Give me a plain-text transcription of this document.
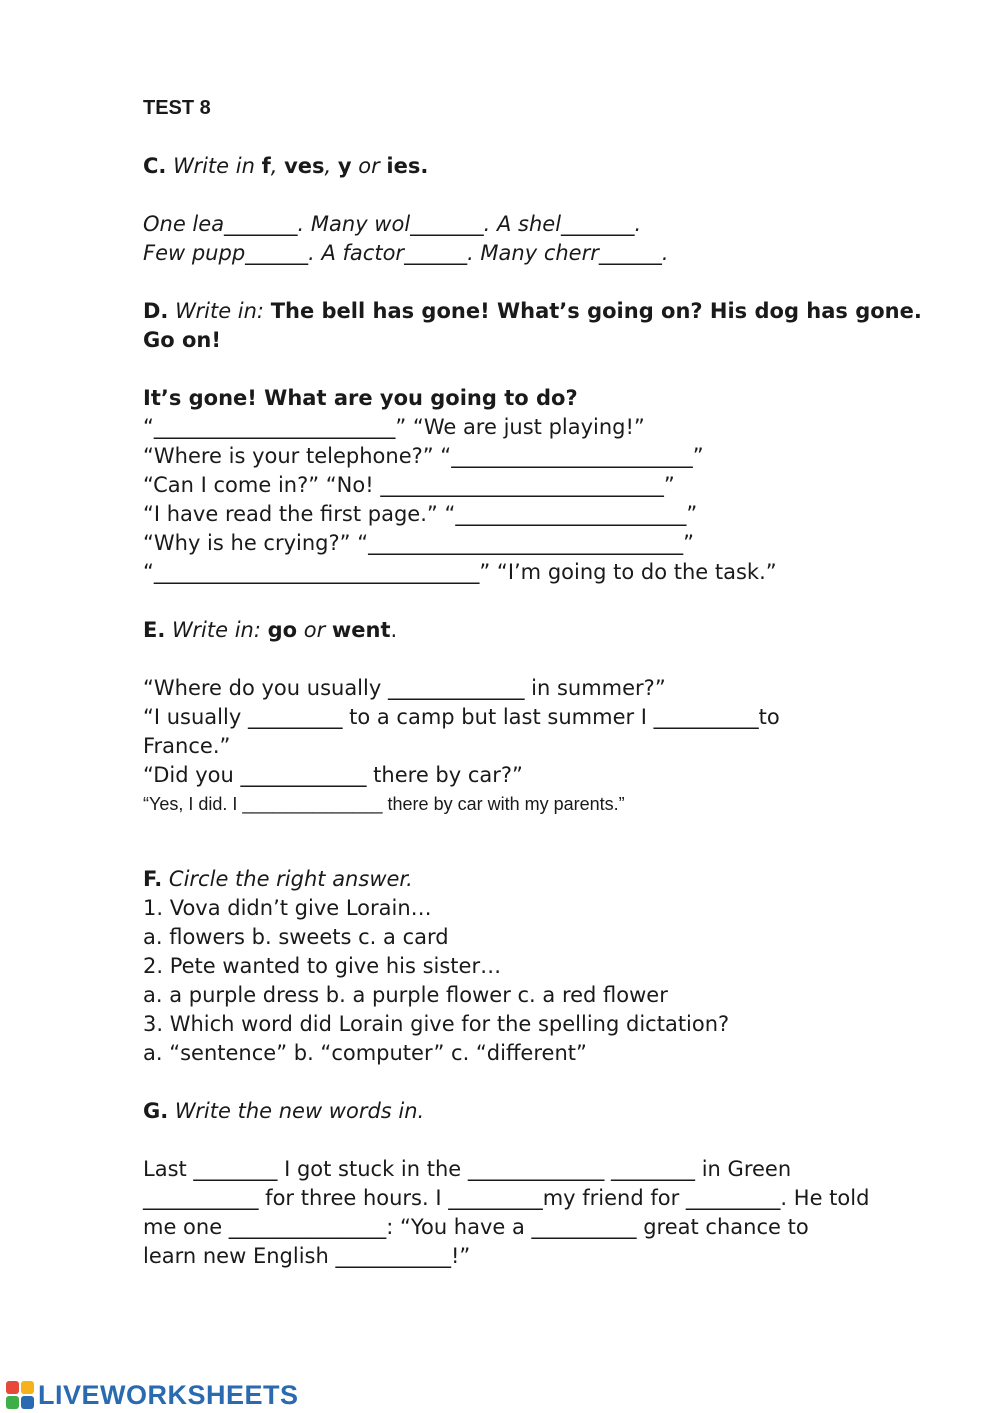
TEST 8
C. Write in f, ves, y or ies.
One lea_______. Many wol_______. A shel_______.
Few pupp______. A factor______. Many cherr______.
D. Write in: The bell has gone! What’s going on? His dog has gone.
Go on!
It’s gone! What are you going to do?
“_______________________” “We are just playing!”
“Where is your telephone?” “_______________________”
“Can I come in?” “No! ___________________________”
“I have read the first page.” “______________________”
“Why is he crying?” “______________________________”
“_______________________________” “I’m going to do the task.”
E. Write in: go or went.
“Where do you usually _____________ in summer?”
“I usually _________ to a camp but last summer I __________to
France.”
“Did you ____________ there by car?”
“Yes, I did. I ______________ there by car with my parents.”
F. Circle the right answer.
1. Vova didn’t give Lorain…
a. flowers b. sweets c. a card
2. Pete wanted to give his sister…
a. a purple dress b. a purple flower c. a red flower
3. Which word did Lorain give for the spelling dictation?
a. “sentence” b. “computer” c. “different”
G. Write the new words in.
Last ________ I got stuck in the _____________ ________ in Green
___________ for three hours. I _________my friend for _________. He told
me one _______________: “You have a __________ great chance to
learn new English ___________!”
LIVEWORKSHEETS
